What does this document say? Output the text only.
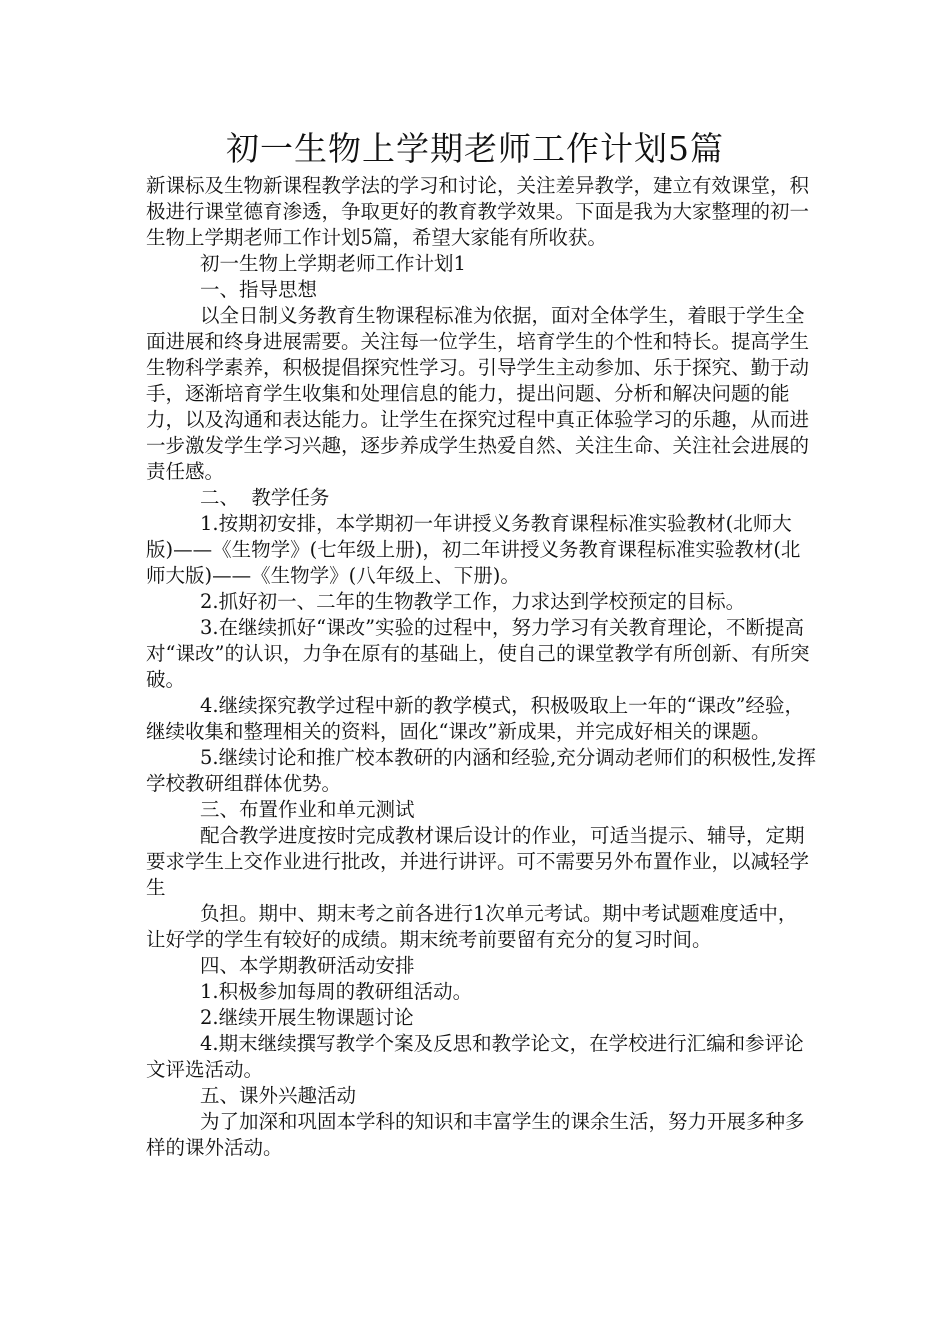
初一生物上学期老师工作计划5篇

新课标及生物新课程教学法的学习和讨论，关注差异教学，建立有效课堂，积极进行课堂德育渗透，争取更好的教育教学效果。下面是我为大家整理的初一生物上学期老师工作计划5篇，希望大家能有所收获。

初一生物上学期老师工作计划1

一、指导思想

以全日制义务教育生物课程标准为依据，面对全体学生，着眼于学生全面进展和终身进展需要。关注每一位学生，培育学生的个性和特长。提高学生生物科学素养，积极提倡探究性学习。引导学生主动参加、乐于探究、勤于动手，逐渐培育学生收集和处理信息的能力，提出问题、分析和解决问题的能力，以及沟通和表达能力。让学生在探究过程中真正体验学习的乐趣，从而进一步激发学生学习兴趣，逐步养成学生热爱自然、关注生命、关注社会进展的责任感。

二、  教学任务

1.按期初安排，本学期初一年讲授义务教育课程标准实验教材(北师大版)——《生物学》(七年级上册)，初二年讲授义务教育课程标准实验教材(北师大版)——《生物学》(八年级上、下册)。

2.抓好初一、二年的生物教学工作，力求达到学校预定的目标。

3.在继续抓好“课改”实验的过程中，努力学习有关教育理论，不断提高对“课改”的认识，力争在原有的基础上，使自己的课堂教学有所创新、有所突破。

4.继续探究教学过程中新的教学模式，积极吸取上一年的“课改”经验，继续收集和整理相关的资料，固化“课改”新成果，并完成好相关的课题。

5.继续讨论和推广校本教研的内涵和经验,充分调动老师们的积极性,发挥学校教研组群体优势。

三、布置作业和单元测试

配合教学进度按时完成教材课后设计的作业，可适当提示、辅导，定期要求学生上交作业进行批改，并进行讲评。可不需要另外布置作业，以减轻学生

负担。期中、期末考之前各进行1次单元考试。期中考试题难度适中，让好学的学生有较好的成绩。期末统考前要留有充分的复习时间。

四、本学期教研活动安排

1.积极参加每周的教研组活动。

2.继续开展生物课题讨论

4.期末继续撰写教学个案及反思和教学论文，在学校进行汇编和参评论文评选活动。

五、课外兴趣活动

为了加深和巩固本学科的知识和丰富学生的课余生活，努力开展多种多样的课外活动。
